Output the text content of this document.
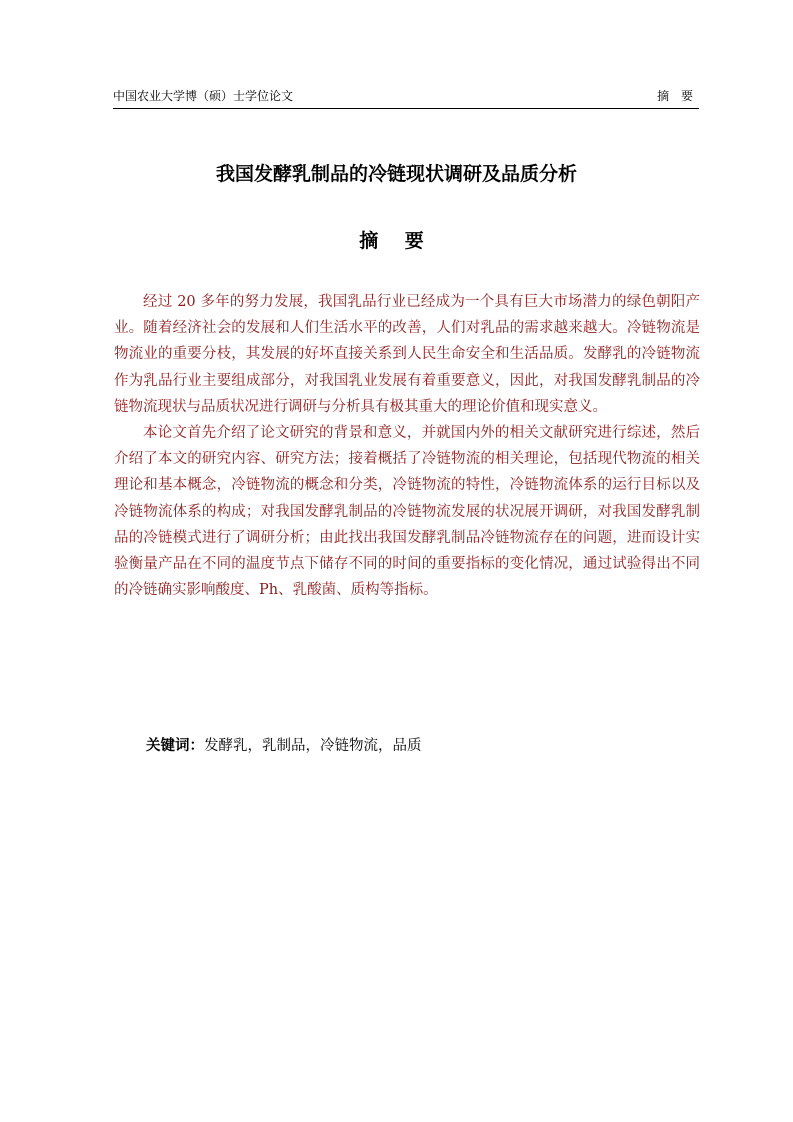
中国农业大学博（硕）士学位论文	摘 要
我国发酵乳制品的冷链现状调研及品质分析
摘 要

经过 20 多年的努力发展，我国乳品行业已经成为一个具有巨大市场潜力的绿色朝阳产业。随着经济社会的发展和人们生活水平的改善，人们对乳品的需求越来越大。冷链物流是物流业的重要分枝，其发展的好坏直接关系到人民生命安全和生活品质。发酵乳的冷链物流作为乳品行业主要组成部分，对我国乳业发展有着重要意义，因此，对我国发酵乳制品的冷链物流现状与品质状况进行调研与分析具有极其重大的理论价值和现实意义。

本论文首先介绍了论文研究的背景和意义，并就国内外的相关文献研究进行综述，然后介绍了本文的研究内容、研究方法；接着概括了冷链物流的相关理论，包括现代物流的相关理论和基本概念，冷链物流的概念和分类，冷链物流的特性，冷链物流体系的运行目标以及冷链物流体系的构成；对我国发酵乳制品的冷链物流发展的状况展开调研，对我国发酵乳制品的冷链模式进行了调研分析；由此找出我国发酵乳制品冷链物流存在的问题，进而设计实验衡量产品在不同的温度节点下储存不同的时间的重要指标的变化情况，通过试验得出不同的冷链确实影响酸度、Ph、乳酸菌、质构等指标。

关键词：发酵乳，乳制品，冷链物流，品质
